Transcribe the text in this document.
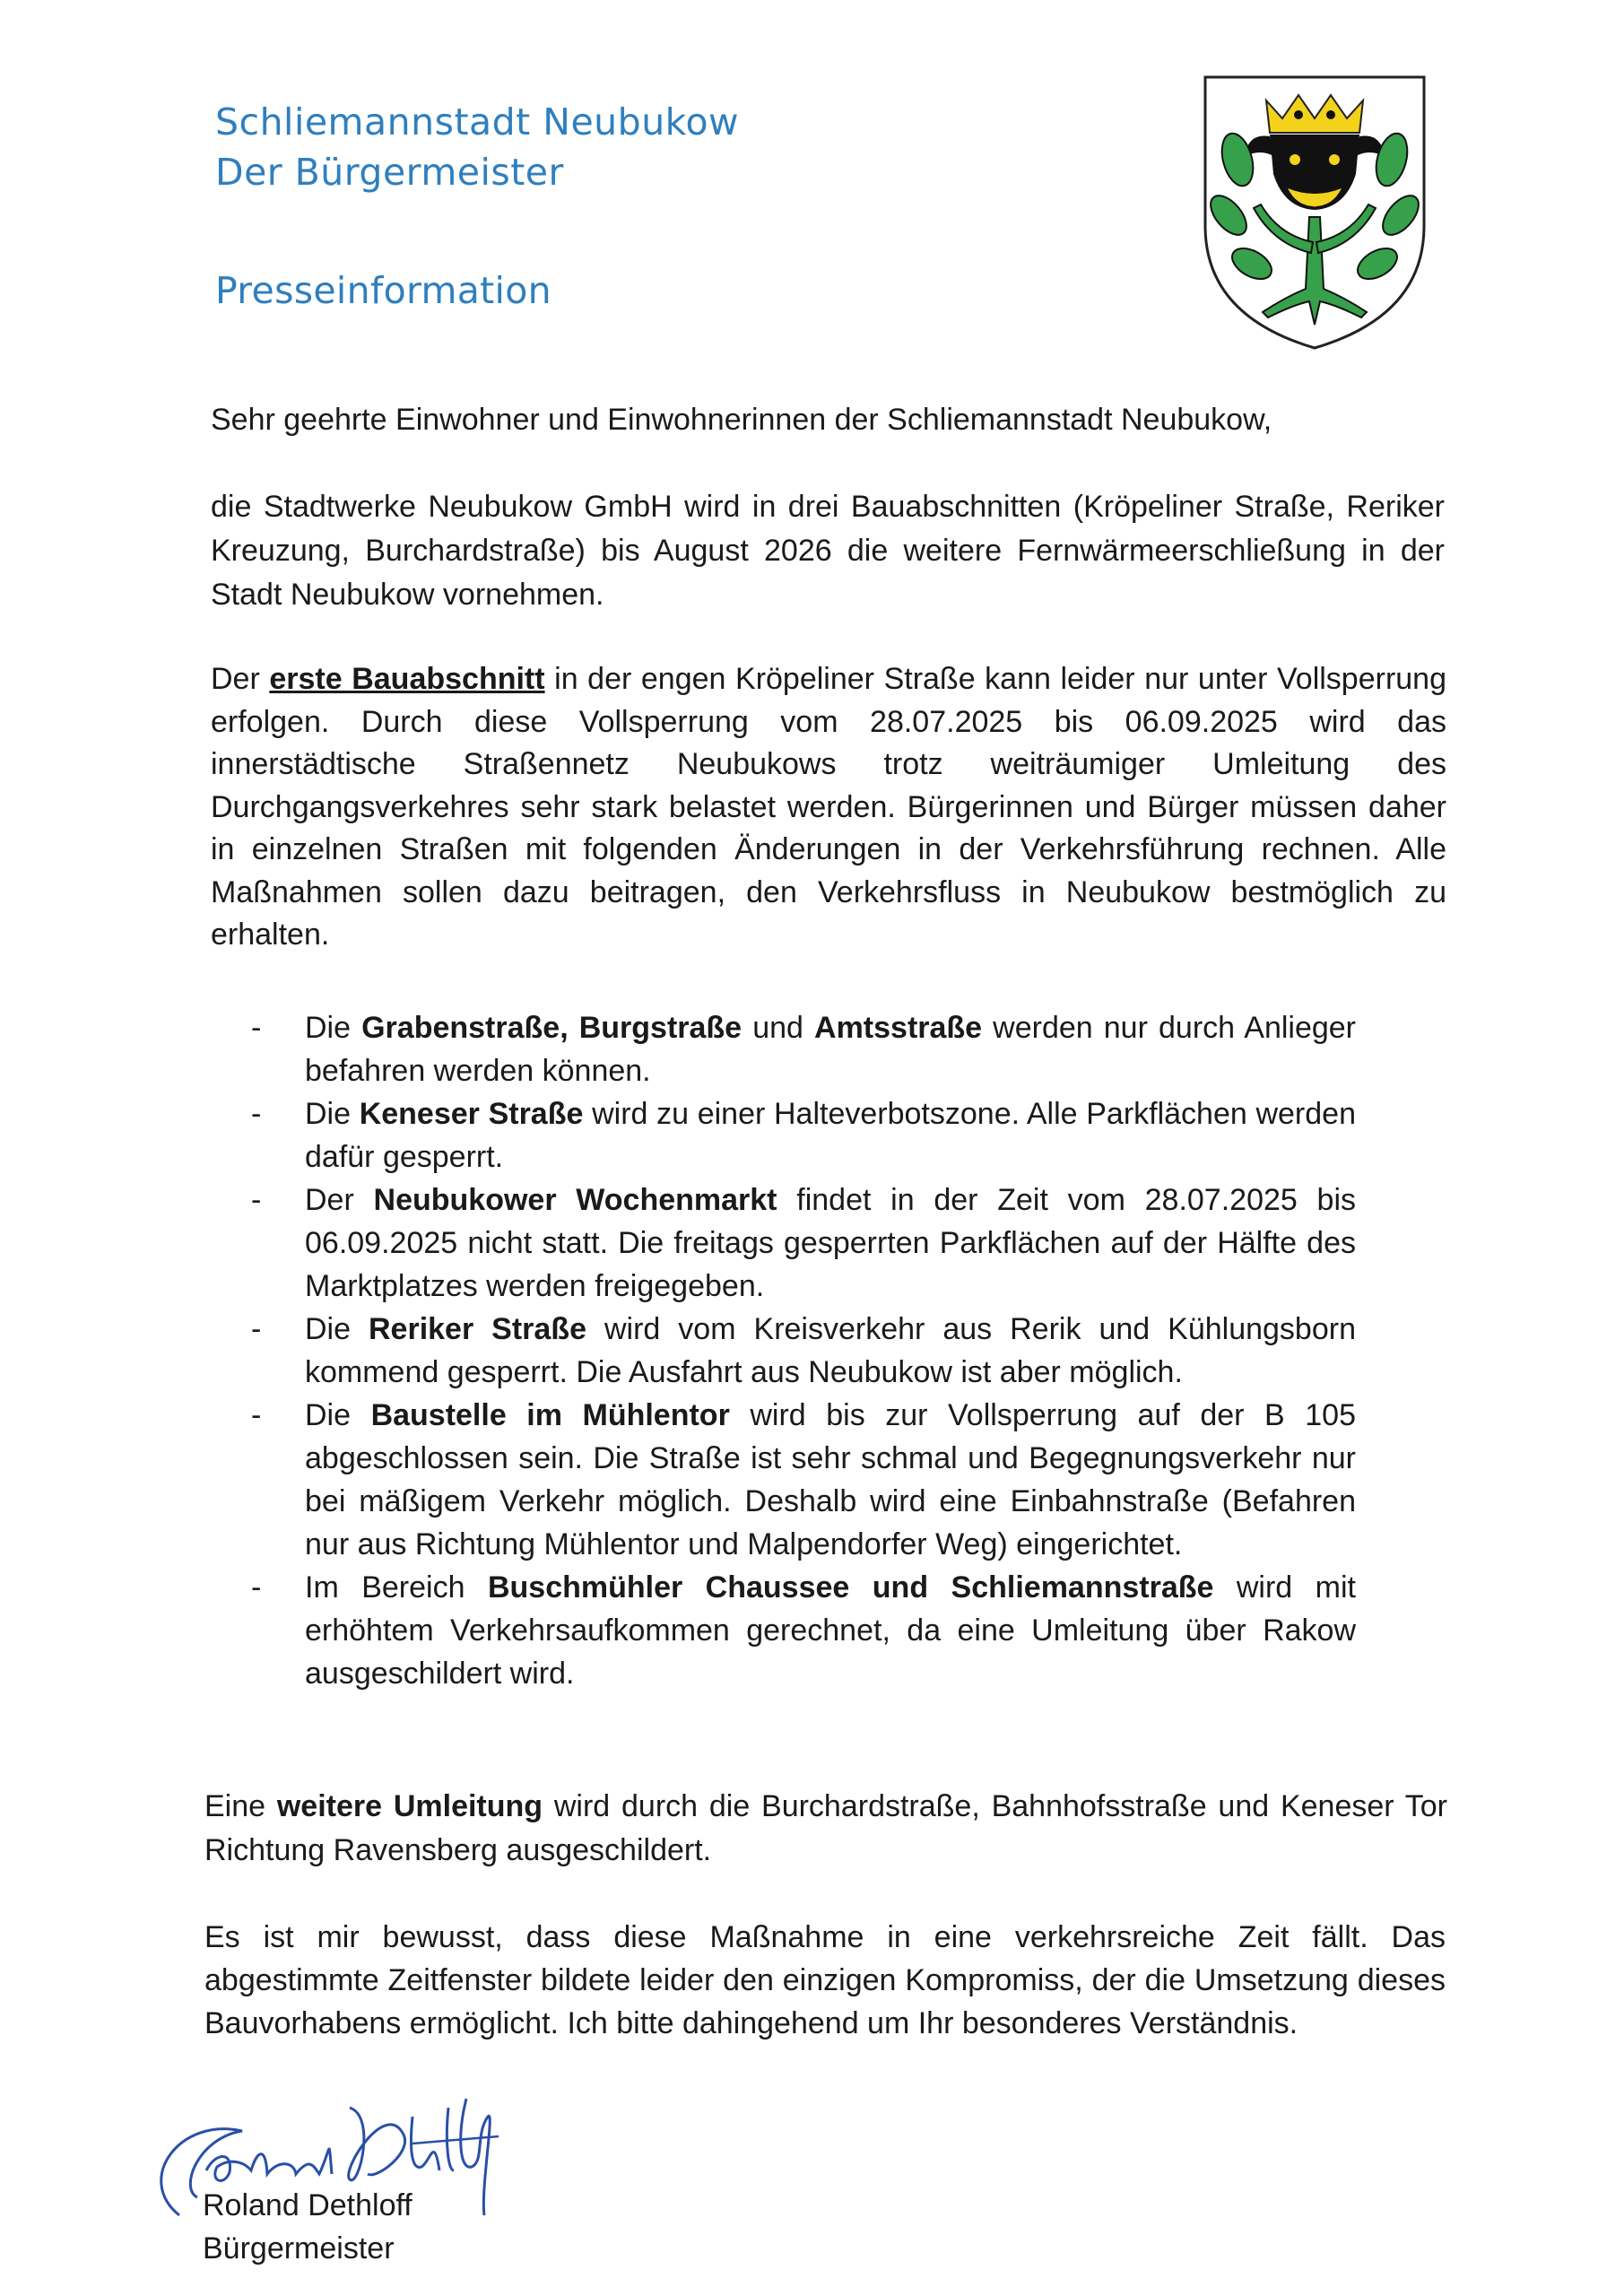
Schliemannstadt Neubukow
Der Bürgermeister
Presseinformation

Sehr geehrte Einwohner und Einwohnerinnen der Schliemannstadt Neubukow,

die Stadtwerke Neubukow GmbH wird in drei Bauabschnitten (Kröpeliner Straße, Reriker Kreuzung, Burchardstraße) bis August 2026 die weitere Fernwärmeerschließung in der Stadt Neubukow vornehmen.

Der erste Bauabschnitt in der engen Kröpeliner Straße kann leider nur unter Vollsperrung erfolgen. Durch diese Vollsperrung vom 28.07.2025 bis 06.09.2025 wird das innerstädtische Straßennetz Neubukows trotz weiträumiger Umleitung des Durchgangsverkehres sehr stark belastet werden. Bürgerinnen und Bürger müssen daher in einzelnen Straßen mit folgenden Änderungen in der Verkehrsführung rechnen. Alle Maßnahmen sollen dazu beitragen, den Verkehrsfluss in Neubukow bestmöglich zu erhalten.

- Die Grabenstraße, Burgstraße und Amtsstraße werden nur durch Anlieger befahren werden können.
- Die Keneser Straße wird zu einer Halteverbotszone. Alle Parkflächen werden dafür gesperrt.
- Der Neubukower Wochenmarkt findet in der Zeit vom 28.07.2025 bis 06.09.2025 nicht statt. Die freitags gesperrten Parkflächen auf der Hälfte des Marktplatzes werden freigegeben.
- Die Reriker Straße wird vom Kreisverkehr aus Rerik und Kühlungsborn kommend gesperrt. Die Ausfahrt aus Neubukow ist aber möglich.
- Die Baustelle im Mühlentor wird bis zur Vollsperrung auf der B 105 abgeschlossen sein. Die Straße ist sehr schmal und Begegnungsverkehr nur bei mäßigem Verkehr möglich. Deshalb wird eine Einbahnstraße (Befahren nur aus Richtung Mühlentor und Malpendorfer Weg) eingerichtet.
- Im Bereich Buschmühler Chaussee und Schliemannstraße wird mit erhöhtem Verkehrsaufkommen gerechnet, da eine Umleitung über Rakow ausgeschildert wird.

Eine weitere Umleitung wird durch die Burchardstraße, Bahnhofsstraße und Keneser Tor Richtung Ravensberg ausgeschildert.

Es ist mir bewusst, dass diese Maßnahme in eine verkehrsreiche Zeit fällt. Das abgestimmte Zeitfenster bildete leider den einzigen Kompromiss, der die Umsetzung dieses Bauvorhabens ermöglicht. Ich bitte dahingehend um Ihr besonderes Verständnis.

Roland Dethloff
Bürgermeister
